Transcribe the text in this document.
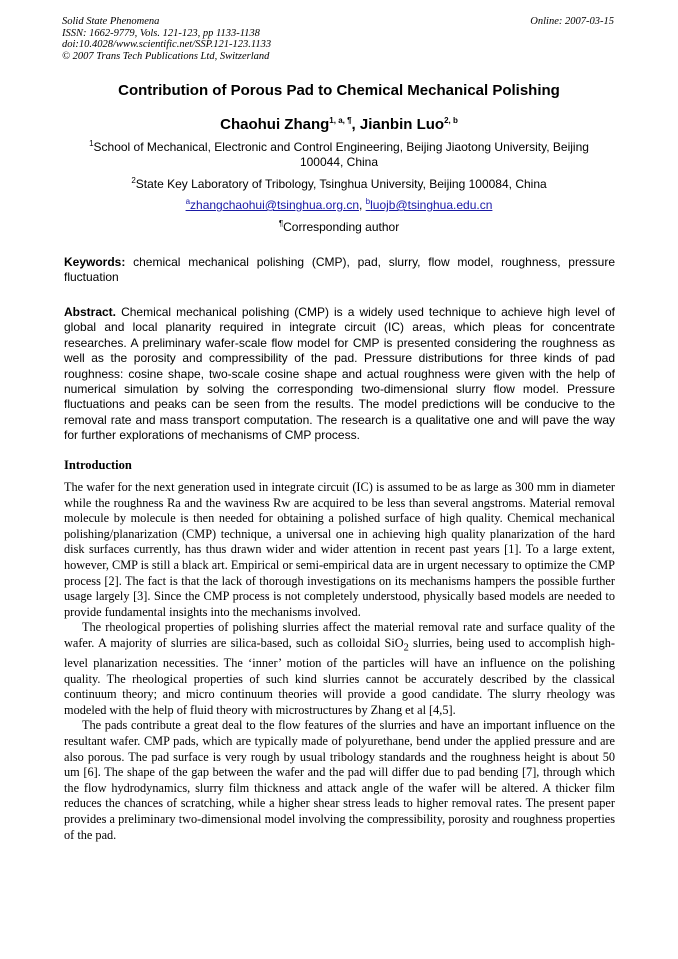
Solid State Phenomena
ISSN: 1662-9779, Vols. 121-123, pp 1133-1138
doi:10.4028/www.scientific.net/SSP.121-123.1133
© 2007 Trans Tech Publications Ltd, Switzerland
Online: 2007-03-15
Contribution of Porous Pad to Chemical Mechanical Polishing
Chaohui Zhang$^{1, a, \P}$, Jianbin Luo$^{2, b}$
$^1$School of Mechanical, Electronic and Control Engineering, Beijing Jiaotong University, Beijing 100044, China
$^2$State Key Laboratory of Tribology, Tsinghua University, Beijing 100084, China
$^a$zhangchaohui@tsinghua.org.cn, $^b$luojb@tsinghua.edu.cn
¶Corresponding author
Keywords: chemical mechanical polishing (CMP), pad, slurry, flow model, roughness, pressure fluctuation
Abstract. Chemical mechanical polishing (CMP) is a widely used technique to achieve high level of global and local planarity required in integrate circuit (IC) areas, which pleas for concentrate researches. A preliminary wafer-scale flow model for CMP is presented considering the roughness as well as the porosity and compressibility of the pad. Pressure distributions for three kinds of pad roughness: cosine shape, two-scale cosine shape and actual roughness were given with the help of numerical simulation by solving the corresponding two-dimensional slurry flow model. Pressure fluctuations and peaks can be seen from the results. The model predictions will be conducive to the removal rate and mass transport computation. The research is a qualitative one and will pave the way for further explorations of mechanisms of CMP process.
Introduction

The wafer for the next generation used in integrate circuit (IC) is assumed to be as large as 300 mm in diameter while the roughness Ra and the waviness Rw are acquired to be less than several angstroms. Material removal molecule by molecule is then needed for obtaining a polished surface of high quality. Chemical mechanical polishing/planarization (CMP) technique, a universal one in achieving high quality planarization of the hard disk surfaces currently, has thus drawn wider and wider attention in recent past years [1]. To a large extent, however, CMP is still a black art. Empirical or semi-empirical data are in urgent necessary to optimize the CMP process [2]. The fact is that the lack of thorough investigations on its mechanisms hampers the possible further usage largely [3]. Since the CMP process is not completely understood, physically based models are needed to provide fundamental insights into the mechanisms involved.

The rheological properties of polishing slurries affect the material removal rate and surface quality of the wafer. A majority of slurries are silica-based, such as colloidal SiO$_2$ slurries, being used to accomplish high-level planarization necessities. The ‘inner’ motion of the particles will have an influence on the polishing quality. The rheological properties of such kind slurries cannot be accurately described by the classical continuum theory; and micro continuum theories will provide a good candidate. The slurry rheology was modeled with the help of fluid theory with microstructures by Zhang et al [4,5].

The pads contribute a great deal to the flow features of the slurries and have an important influence on the resultant wafer. CMP pads, which are typically made of polyurethane, bend under the applied pressure and are also porous. The pad surface is very rough by usual tribology standards and the roughness height is about 50 um [6]. The shape of the gap between the wafer and the pad will differ due to pad bending [7], through which the flow hydrodynamics, slurry film thickness and attack angle of the wafer will be altered. A thicker film reduces the chances of scratching, while a higher shear stress leads to higher removal rates. The present paper provides a preliminary two-dimensional model involving the compressibility, porosity and roughness properties of the pad.
